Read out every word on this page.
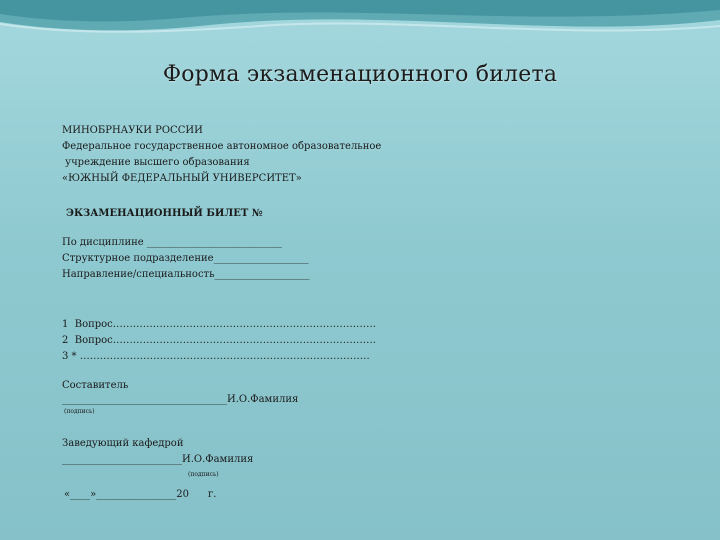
Форма экзаменационного билета
МИНОБРНАУКИ РОССИИ
Федеральное государственное автономное образовательное
учреждение высшего образования
«ЮЖНЫЙ ФЕДЕРАЛЬНЫЙ УНИВЕРСИТЕТ»
ЭКЗАМЕНАЦИОННЫЙ БИЛЕТ №
По дисциплине ___________________________
Структурное подразделение___________________
Направление/специальность___________________
1  Вопрос…………………………………………………………………….
2  Вопрос…………………………………………………………………….
3 * ……………………………………………………………………………
Составитель
_________________________________И.О.Фамилия
(подпись)
Заведующий кафедрой
________________________И.О.Фамилия
(подпись)
«____»________________20      г.
